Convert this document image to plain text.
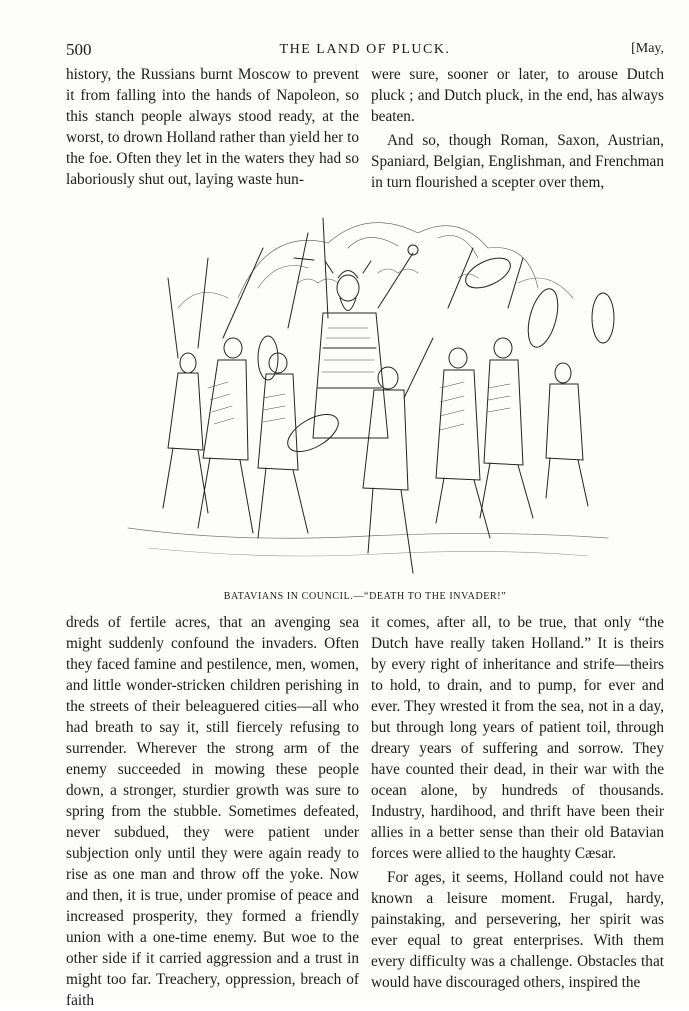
500	THE LAND OF PLUCK.	[May,

history, the Russians burnt Moscow to prevent it from falling into the hands of Napoleon, so this stanch people always stood ready, at the worst, to drown Holland rather than yield her to the foe. Often they let in the waters they had so laboriously shut out, laying waste hun-

were sure, sooner or later, to arouse Dutch pluck ; and Dutch pluck, in the end, has always beaten.

And so, though Roman, Saxon, Austrian, Spaniard, Belgian, Englishman, and Frenchman in turn flourished a scepter over them,

BATAVIANS IN COUNCIL.—“DEATH TO THE INVADER!”

dreds of fertile acres, that an avenging sea might suddenly confound the invaders. Often they faced famine and pestilence, men, women, and little wonder-stricken children perishing in the streets of their beleaguered cities—all who had breath to say it, still fiercely refusing to surrender. Wherever the strong arm of the enemy succeeded in mowing these people down, a stronger, sturdier growth was sure to spring from the stubble. Sometimes defeated, never subdued, they were patient under subjection only until they were again ready to rise as one man and throw off the yoke. Now and then, it is true, under promise of peace and increased prosperity, they formed a friendly union with a one-time enemy. But woe to the other side if it carried aggression and a trust in might too far. Treachery, oppression, breach of faith

it comes, after all, to be true, that only “the Dutch have really taken Holland.” It is theirs by every right of inheritance and strife—theirs to hold, to drain, and to pump, for ever and ever. They wrested it from the sea, not in a day, but through long years of patient toil, through dreary years of suffering and sorrow. They have counted their dead, in their war with the ocean alone, by hundreds of thousands. Industry, hardihood, and thrift have been their allies in a better sense than their old Batavian forces were allied to the haughty Cæsar.

For ages, it seems, Holland could not have known a leisure moment. Frugal, hardy, painstaking, and persevering, her spirit was ever equal to great enterprises. With them every difficulty was a challenge. Obstacles that would have discouraged others, inspired the
